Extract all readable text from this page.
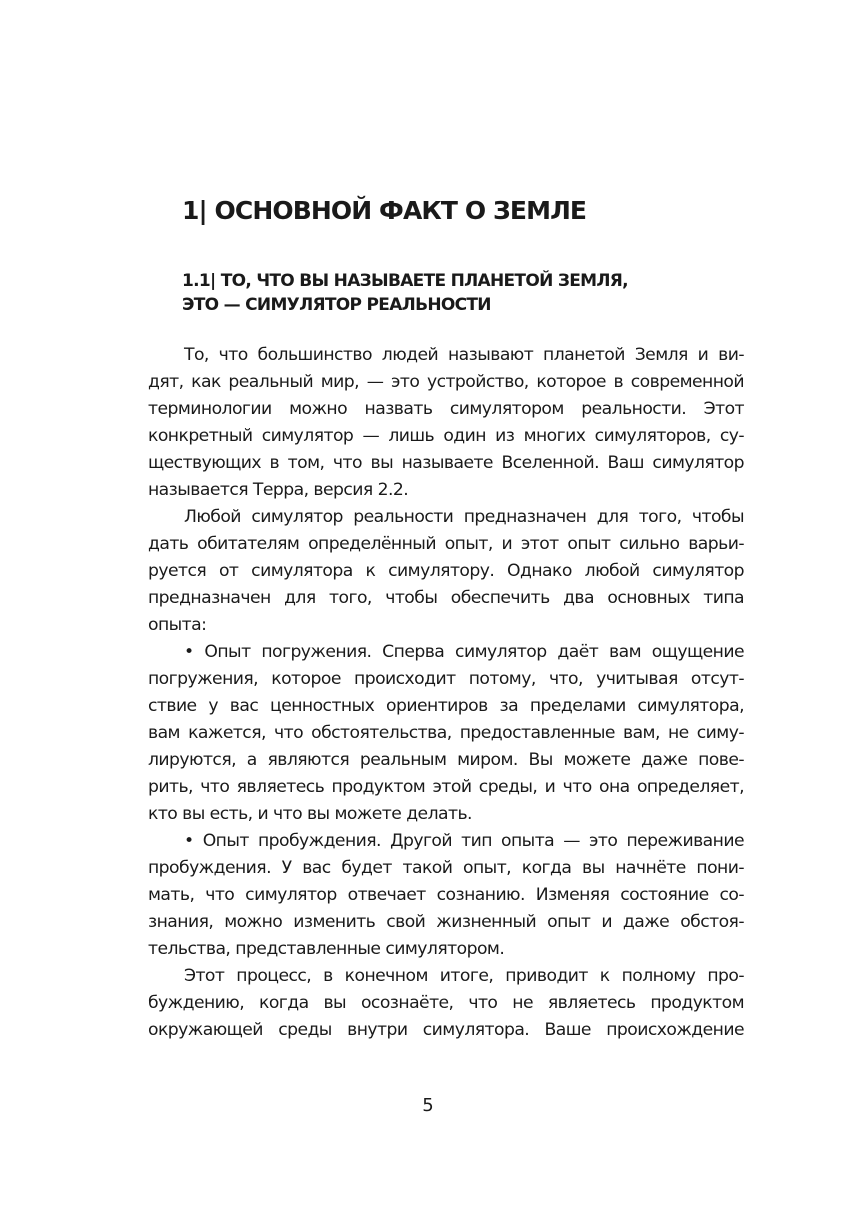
1| ОСНОВНОЙ ФАКТ О ЗЕМЛЕ
1.1| ТО, ЧТО ВЫ НАЗЫВАЕТЕ ПЛАНЕТОЙ ЗЕМЛЯ,
ЭТО — СИМУЛЯТОР РЕАЛЬНОСТИ
То, что большинство людей называют планетой Земля и ви-
дят, как реальный мир, — это устройство, которое в современной
терминологии можно назвать симулятором реальности. Этот
конкретный симулятор — лишь один из многих симуляторов, су-
ществующих в том, что вы называете Вселенной. Ваш симулятор
называется Терра, версия 2.2.
Любой симулятор реальности предназначен для того, чтобы
дать обитателям определённый опыт, и этот опыт сильно варьи-
руется от симулятора к симулятору. Однако любой симулятор
предназначен для того, чтобы обеспечить два основных типа
опыта:
• Опыт погружения. Сперва симулятор даёт вам ощущение
погружения, которое происходит потому, что, учитывая отсут-
ствие у вас ценностных ориентиров за пределами симулятора,
вам кажется, что обстоятельства, предоставленные вам, не симу-
лируются, а являются реальным миром. Вы можете даже пове-
рить, что являетесь продуктом этой среды, и что она определяет,
кто вы есть, и что вы можете делать.
• Опыт пробуждения. Другой тип опыта — это переживание
пробуждения. У вас будет такой опыт, когда вы начнёте пони-
мать, что симулятор отвечает сознанию. Изменяя состояние со-
знания, можно изменить свой жизненный опыт и даже обстоя-
тельства, представленные симулятором.
Этот процесс, в конечном итоге, приводит к полному про-
буждению, когда вы осознаёте, что не являетесь продуктом
окружающей среды внутри симулятора. Ваше происхождение
5
